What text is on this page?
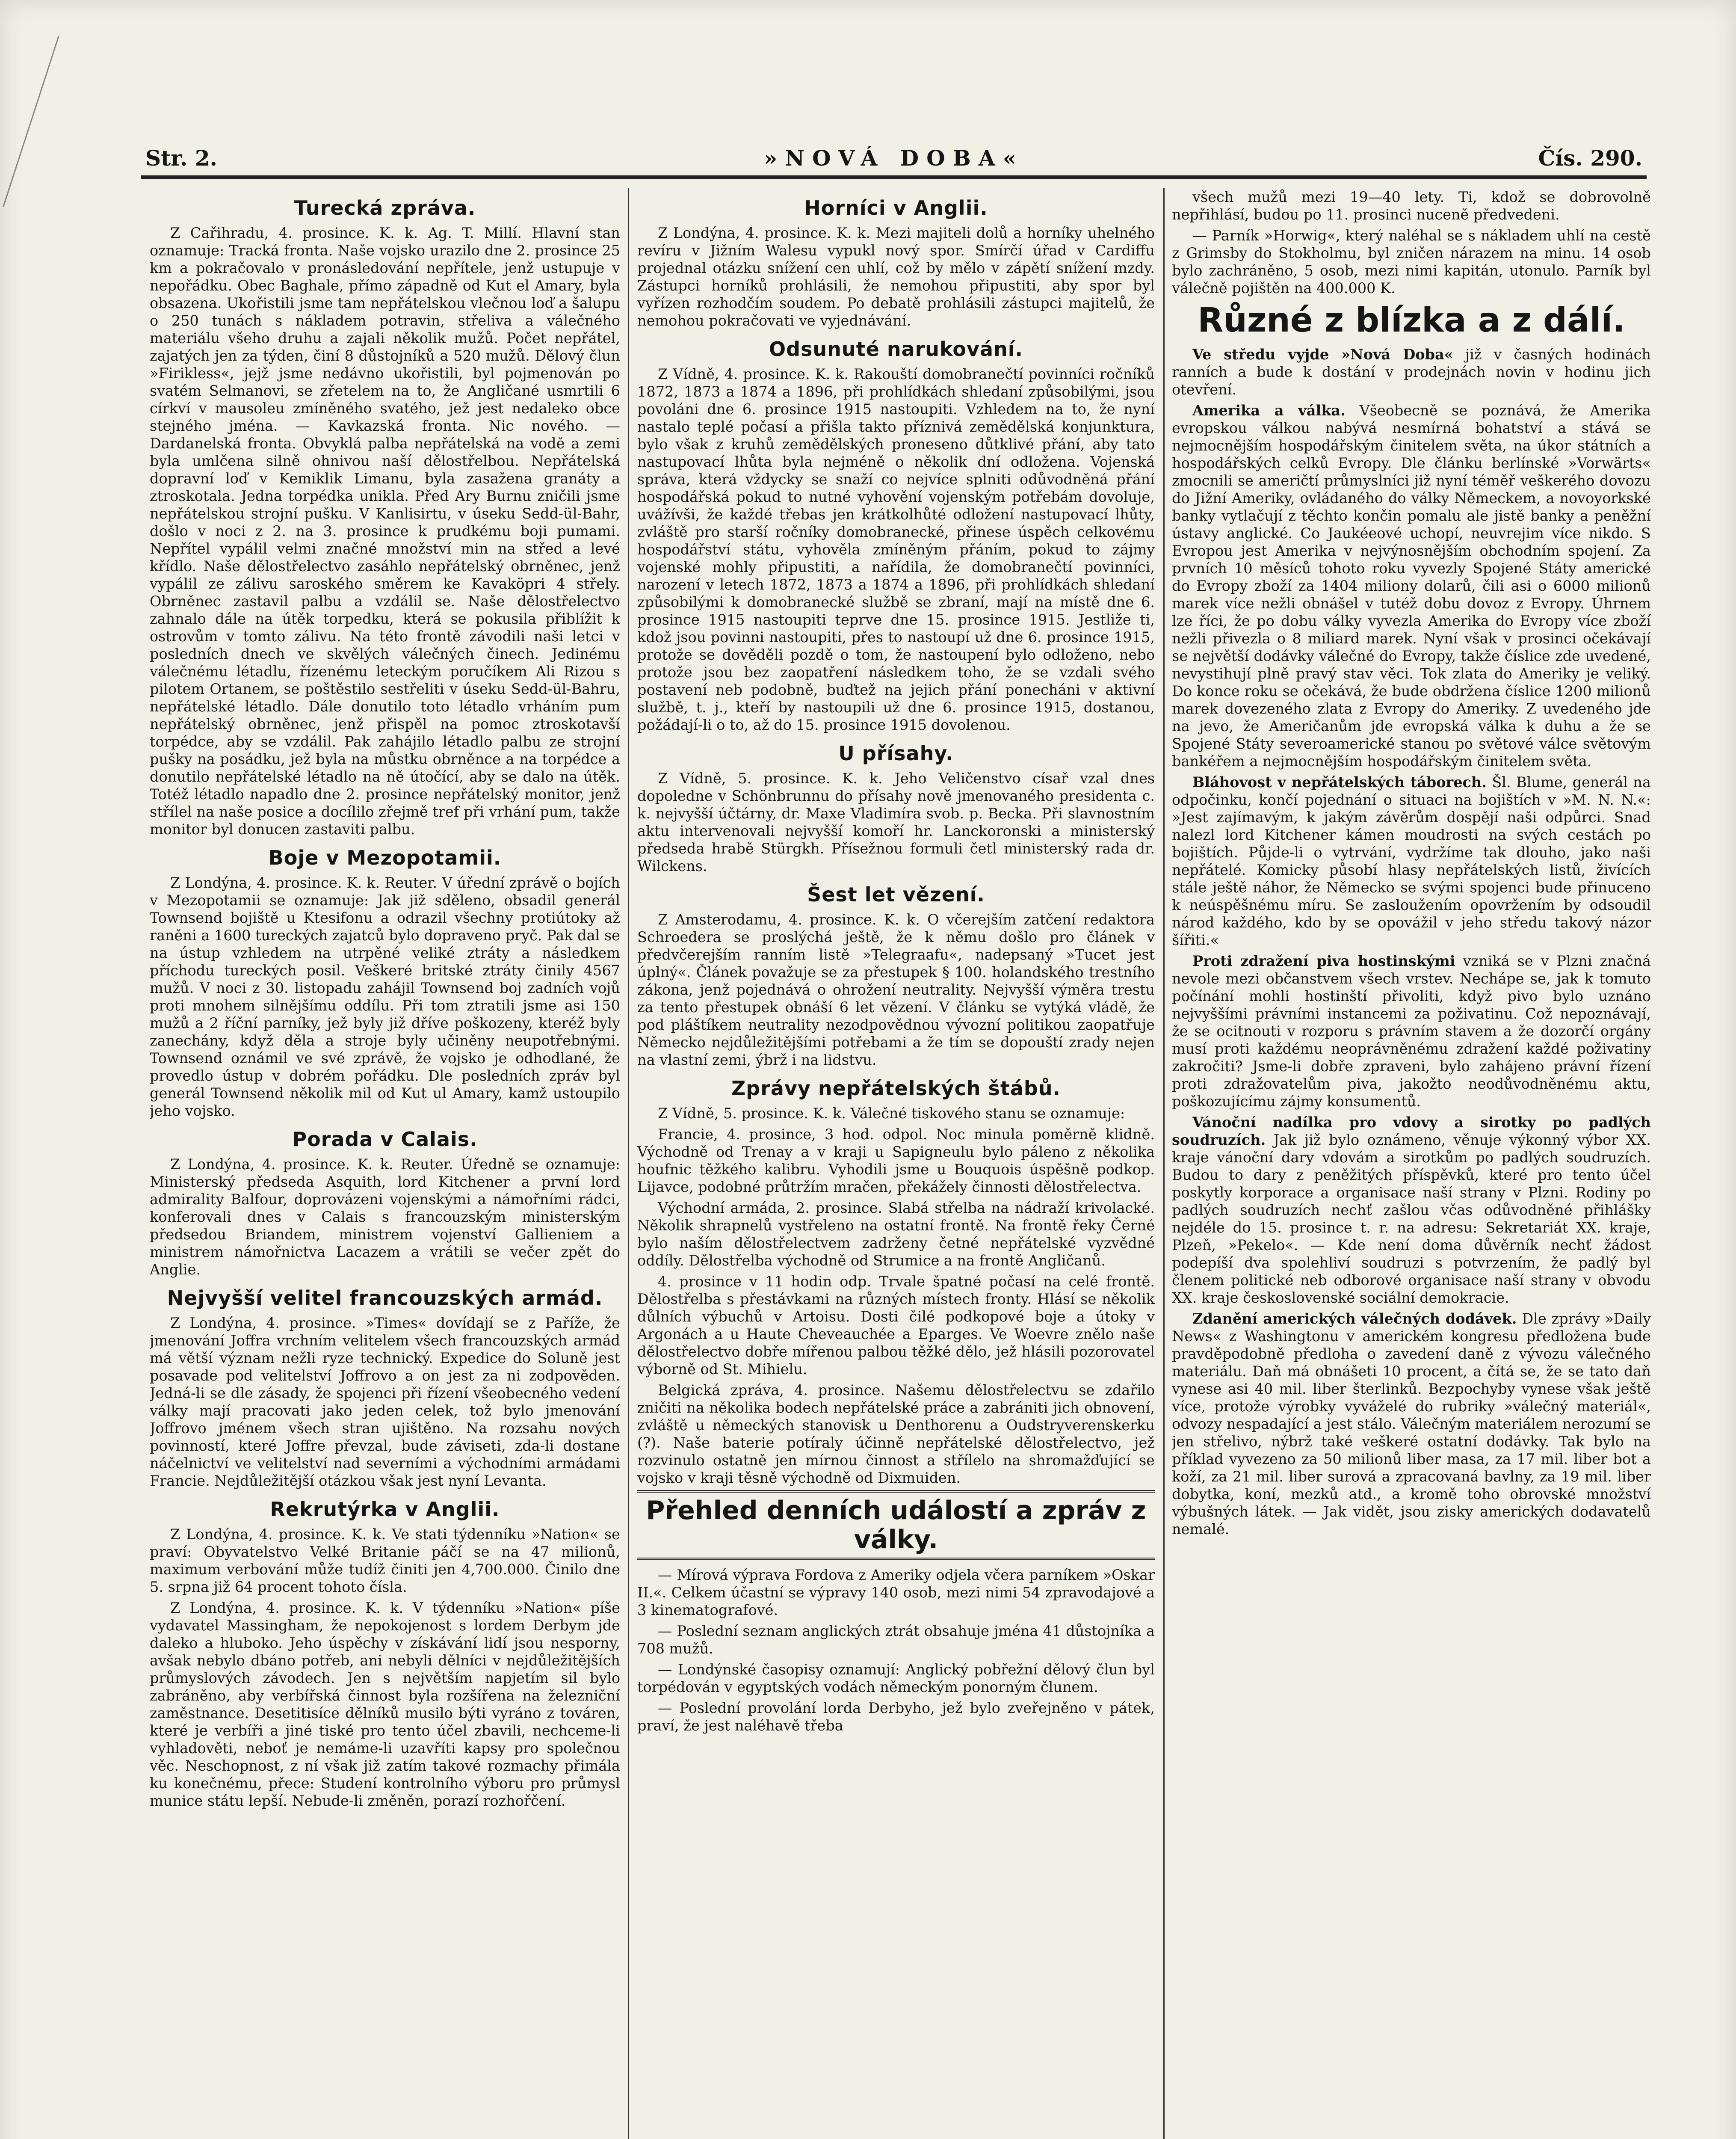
Str. 2.	»NOVÁ DOBA«	Čís. 290.
Turecká zpráva.

Z Cařihradu, 4. prosince. K. k. Ag. T. Millí. Hlavní stan oznamuje: Tracká fronta. Naše vojsko urazilo dne 2. prosince 25 km a pokračovalo v pronásledování nepřítele, jenž ustupuje v nepořádku. Obec Baghale, přímo západně od Kut el Amary, byla obsazena. Ukořistili jsme tam nepřátelskou vlečnou loď a šalupu o 250 tunách s nákladem potravin, střeliva a válečného materiálu všeho druhu a zajali několik mužů. Počet nepřátel, zajatých jen za týden, činí 8 důstojníků a 520 mužů. Dělový člun »Firikless«, jejž jsme nedávno ukořistili, byl pojmenován po svatém Selmanovi, se zřetelem na to, že Angličané usmrtili 6 církví v mausoleu zmíněného svatého, jež jest nedaleko obce stejného jména. — Kavkazská fronta. Nic nového. — Dardanelská fronta. Obvyklá palba nepřátelská na vodě a zemi byla umlčena silně ohnivou naší dělostřelbou. Nepřátelská dopravní loď v Kemiklik Limanu, byla zasažena granáty a ztroskotala. Jedna torpédka unikla. Před Ary Burnu zničili jsme nepřátelskou strojní pušku. V Kanlisirtu, v úseku Sedd-ül-Bahr, došlo v noci z 2. na 3. prosince k prudkému boji pumami. Nepřítel vypálil velmi značné množství min na střed a levé křídlo. Naše dělostřelectvo zasáhlo nepřátelský obrněnec, jenž vypálil ze zálivu saroského směrem ke Kavaköpri 4 střely. Obrněnec zastavil palbu a vzdálil se. Naše dělostřelectvo zahnalo dále na útěk torpedku, která se pokusila přiblížit k ostrovům v tomto zálivu. Na této frontě závodili naši letci v posledních dnech ve skvělých válečných činech. Jedinému válečnému létadlu, řízenému leteckým poručíkem Ali Rizou s pilotem Ortanem, se poštěstilo sestřeliti v úseku Sedd-ül-Bahru, nepřátelské létadlo. Dále donutilo toto létadlo vrháním pum nepřátelský obrněnec, jenž přispěl na pomoc ztroskotavší torpédce, aby se vzdálil. Pak zahájilo létadlo palbu ze strojní pušky na posádku, jež byla na můstku obrněnce a na torpédce a donutilo nepřátelské létadlo na ně útočící, aby se dalo na útěk. Totéž létadlo napadlo dne 2. prosince nepřátelský monitor, jenž střílel na naše posice a docílilo zřejmě tref při vrhání pum, takže monitor byl donucen zastaviti palbu.

Boje v Mezopotamii.

Z Londýna, 4. prosince. K. k. Reuter. V úřední zprávě o bojích v Mezopotamii se oznamuje: Jak již sděleno, obsadil generál Townsend bojiště u Ktesifonu a odrazil všechny protiútoky až raněni a 1600 tureckých zajatců bylo dopraveno pryč. Pak dal se na ústup vzhledem na utrpěné veliké ztráty a následkem příchodu tureckých posil. Veškeré britské ztráty činily 4567 mužů. V noci z 30. listopadu zahájil Townsend boj zadních vojů proti mnohem silnějšímu oddílu. Při tom ztratili jsme asi 150 mužů a 2 říční parníky, jež byly již dříve poškozeny, kteréž byly zanechány, když děla a stroje byly učiněny neupotřebnými. Townsend oznámil ve své zprávě, že vojsko je odhodlané, že provedlo ústup v dobrém pořádku. Dle posledních zpráv byl generál Townsend několik mil od Kut ul Amary, kamž ustoupilo jeho vojsko.

Porada v Calais.

Z Londýna, 4. prosince. K. k. Reuter. Úředně se oznamuje: Ministerský předseda Asquith, lord Kitchener a první lord admirality Balfour, doprovázeni vojenskými a námořními rádci, konferovali dnes v Calais s francouzským ministerským předsedou Briandem, ministrem vojenství Gallieniem a ministrem námořnictva Lacazem a vrátili se večer zpět do Anglie.

Nejvyšší velitel francouzských armád.

Z Londýna, 4. prosince. »Times« dovídají se z Paříže, že jmenování Joffra vrchním velitelem všech francouzských armád má větší význam nežli ryze technický. Expedice do Soluně jest posavade pod velitelství Joffrovo a on jest za ni zodpověden. Jedná-li se dle zásady, že spojenci při řízení všeobecného vedení války mají pracovati jako jeden celek, tož bylo jmenování Joffrovo jménem všech stran ujištěno. Na rozsahu nových povinností, které Joffre převzal, bude záviseti, zda-li dostane náčelnictví ve velitelství nad severními a východními armádami Francie. Nejdůležitější otázkou však jest nyní Levanta.

Rekrutýrka v Anglii.

Z Londýna, 4. prosince. K. k. Ve stati týdenníku »Nation« se praví: Obyvatelstvo Velké Britanie páčí se na 47 milionů, maximum verbování může tudíž činiti jen 4,700.000. Činilo dne 5. srpna již 64 procent tohoto čísla.

Z Londýna, 4. prosince. K. k. V týdenníku »Nation« píše vydavatel Massingham, že nepokojenost s lordem Derbym jde daleko a hluboko. Jeho úspěchy v získávání lidí jsou nesporny, avšak nebylo dbáno potřeb, ani nebyli dělníci v nejdůležitějších průmyslových závodech. Jen s největším napjetím sil bylo zabráněno, aby verbířská činnost byla rozšířena na železniční zaměstnance. Desetitisíce dělníků musilo býti vyráno z továren, které je verbíři a jiné tiské pro tento účel zbavili, nechceme-li vyhladověti, neboť je nemáme-li uzavříti kapsy pro společnou věc. Neschopnost, z ní však již zatím takové rozmachy přimála ku konečnému, přece: Studení kontrolního výboru pro průmysl munice státu lepší. Nebude-li změněn, porazí rozhořčení.

Horníci v Anglii.

Z Londýna, 4. prosince. K. k. Mezi majiteli dolů a horníky uhelného revíru v Jižním Walesu vypukl nový spor. Smírčí úřad v Cardiffu projednal otázku snížení cen uhlí, což by mělo v zápětí snížení mzdy. Zástupci horníků prohlásili, že nemohou připustiti, aby spor byl vyřízen rozhodčím soudem. Po debatě prohlásili zástupci majitelů, že nemohou pokračovati ve vyjednávání.

Odsunuté narukování.

Z Vídně, 4. prosince. K. k. Rakouští domobranečtí povinníci ročníků 1872, 1873 a 1874 a 1896, při prohlídkách shledaní způsobilými, jsou povoláni dne 6. prosince 1915 nastoupiti. Vzhledem na to, že nyní nastalo teplé počasí a přišla takto příznivá zemědělská konjunktura, bylo však z kruhů zemědělských proneseno důtklivé přání, aby tato nastupovací lhůta byla nejméně o několik dní odložena. Vojenská správa, která vždycky se snaží co nejvíce splniti odůvodněná přání hospodářská pokud to nutné vyhovění vojenským potřebám dovoluje, uvážívši, že každé třebas jen krátkolhůté odložení nastupovací lhůty, zvláště pro starší ročníky domobranecké, přinese úspěch celkovému hospodářství státu, vyhověla zmíněným přáním, pokud to zájmy vojenské mohly připustiti, a nařídila, že domobranečtí povinníci, narození v letech 1872, 1873 a 1874 a 1896, při prohlídkách shledaní způsobilými k domobranecké službě se zbraní, mají na místě dne 6. prosince 1915 nastoupiti teprve dne 15. prosince 1915. Jestliže ti, kdož jsou povinni nastoupiti, přes to nastoupí už dne 6. prosince 1915, protože se dověděli pozdě o tom, že nastoupení bylo odloženo, nebo protože jsou bez zaopatření následkem toho, že se vzdali svého postavení neb podobně, buďtež na jejich přání ponecháni v aktivní službě, t. j., kteří by nastoupili už dne 6. prosince 1915, dostanou, požádají-li o to, až do 15. prosince 1915 dovolenou.

U přísahy.

Z Vídně, 5. prosince. K. k. Jeho Veličenstvo císař vzal dnes dopoledne v Schönbrunnu do přísahy nově jmenovaného presidenta c. k. nejvyšší účtárny, dr. Maxe Vladimíra svob. p. Becka. Při slavnostním aktu intervenovali nejvyšší komoří hr. Lanckoronski a ministerský předseda hrabě Stürgkh. Přísežnou formuli četl ministerský rada dr. Wilckens.

Šest let vězení.

Z Amsterodamu, 4. prosince. K. k. O včerejším zatčení redaktora Schroedera se proslýchá ještě, že k němu došlo pro článek v předvčerejším ranním listě »Telegraafu«, nadepsaný »Tucet jest úplný«. Článek považuje se za přestupek § 100. holandského trestního zákona, jenž pojednává o ohrožení neutrality. Nejvyšší výměra trestu za tento přestupek obnáší 6 let vězení. V článku se vytýká vládě, že pod pláštíkem neutrality nezodpovědnou vývozní politikou zaopatřuje Německo nejdůležitějšími potřebami a že tím se dopouští zrady nejen na vlastní zemi, ýbrž i na lidstvu.

Zprávy nepřátelských štábů.

Z Vídně, 5. prosince. K. k. Válečné tiskového stanu se oznamuje:

Francie, 4. prosince, 3 hod. odpol. Noc minula poměrně klidně. Východně od Trenay a v kraji u Sapigneulu bylo páleno z několika houfnic těžkého kalibru. Vyhodili jsme u Bouquois úspěšně podkop. Lijavce, podobné průtržím mračen, překážely činnosti dělostřelectva.

Východní armáda, 2. prosince. Slabá střelba na nádraží krivolacké. Několik shrapnelů vystřeleno na ostatní frontě. Na frontě řeky Černé bylo naším dělostřelectvem zadrženy četné nepřátelské vyzvědné oddíly. Dělostřelba východně od Strumice a na frontě Angličanů.

4. prosince v 11 hodin odp. Trvale špatné počasí na celé frontě. Dělostřelba s přestávkami na různých místech fronty. Hlásí se několik důlních výbuchů v Artoisu. Dosti čilé podkopové boje a útoky v Argonách a u Haute Cheveauchée a Eparges. Ve Woevre znělo naše dělostřelectvo dobře mířenou palbou těžké dělo, jež hlásili pozorovatel výborně od St. Mihielu.

Belgická zpráva, 4. prosince. Našemu dělostřelectvu se zdařilo zničiti na několika bodech nepřátelské práce a zabrániti jich obnovení, zvláště u německých stanovisk u Denthorenu a Oudstryverenskerku (?). Naše baterie potíraly účinně nepřátelské dělostřelectvo, jež rozvinulo ostatně jen mírnou činnost a střílelo na shromažďující se vojsko v kraji těsně východně od Dixmuiden.

Přehled denních událostí a zpráv z války.

— Mírová výprava Fordova z Ameriky odjela včera parníkem »Oskar II.«. Celkem účastní se výpravy 140 osob, mezi nimi 54 zpravodajové a 3 kinematografové.

— Poslední seznam anglických ztrát obsahuje jména 41 důstojníka a 708 mužů.

— Londýnské časopisy oznamují: Anglický pobřežní dělový člun byl torpédován v egyptských vodách německým ponorným člunem.

— Poslední provolání lorda Derbyho, jež bylo zveřejněno v pátek, praví, že jest naléhavě třeba

všech mužů mezi 19—40 lety. Ti, kdož se dobrovolně nepřihlásí, budou po 11. prosinci nuceně předvedeni.

— Parník »Horwig«, který naléhal se s nákladem uhlí na cestě z Grimsby do Stokholmu, byl zničen nárazem na minu. 14 osob bylo zachráněno, 5 osob, mezi nimi kapitán, utonulo. Parník byl válečně pojištěn na 400.000 K.

Různé z blízka a z dálí.

Ve středu vyjde »Nová Doba« již v časných hodinách ranních a bude k dostání v prodejnách novin v hodinu jich otevření.

Amerika a válka. Všeobecně se poznává, že Amerika evropskou válkou nabývá nesmírná bohatství a stává se nejmocnějším hospodářským činitelem světa, na úkor státních a hospodářských celků Evropy. Dle článku berlínské »Vorwärts« zmocnili se američtí průmyslníci již nyní téměř veškerého dovozu do Jižní Ameriky, ovládaného do války Německem, a novoyorkské banky vytlačují z těchto končin pomalu ale jistě banky a peněžní ústavy anglické. Co Jaukéeové uchopí, neuvrejim více nikdo. S Evropou jest Amerika v nejvýnosnějším obchodním spojení. Za prvních 10 měsíců tohoto roku vyvezly Spojené Státy americké do Evropy zboží za 1404 miliony dolarů, čili asi o 6000 milionů marek více nežli obnášel v tutéž dobu dovoz z Evropy. Úhrnem lze říci, že po dobu války vyvezla Amerika do Evropy více zboží nežli přivezla o 8 miliard marek. Nyní však v prosinci očekávají se největší dodávky válečné do Evropy, takže číslice zde uvedené, nevystihují plně pravý stav věci. Tok zlata do Ameriky je veliký. Do konce roku se očekává, že bude obdržena číslice 1200 milionů marek dovezeného zlata z Evropy do Ameriky. Z uvedeného jde na jevo, že Američanům jde evropská válka k duhu a že se Spojené Státy severoamerické stanou po světové válce světovým bankéřem a nejmocnějším hospodářským činitelem světa.

Bláhovost v nepřátelských táborech. Šl. Blume, generál na odpočinku, končí pojednání o situaci na bojištích v »M. N. N.«: »Jest zajímavým, k jakým závěrům dospějí naši odpůrci. Snad nalezl lord Kitchener kámen moudrosti na svých cestách po bojištích. Půjde-li o vytrvání, vydržíme tak dlouho, jako naši nepřátelé. Komicky působí hlasy nepřátelských listů, živících stále ještě náhor, že Německo se svými spojenci bude přinuceno k neúspěšnému míru. Se zasloužením opovržením by odsoudil národ každého, kdo by se opovážil v jeho středu takový názor šířiti.«

Proti zdražení piva hostinskými vzniká se v Plzni značná nevole mezi občanstvem všech vrstev. Nechápe se, jak k tomuto počínání mohli hostinští přivoliti, když pivo bylo uznáno nejvyššími právními instancemi za poživatinu. Což nepoznávají, že se ocitnouti v rozporu s právním stavem a že dozorčí orgány musí proti každému neoprávněnému zdražení každé poživatiny zakročiti? Jsme-li dobře zpraveni, bylo zahájeno právní řízení proti zdražovatelům piva, jakožto neodůvodněnému aktu, poškozujícímu zájmy konsumentů.

Vánoční nadílka pro vdovy a sirotky po padlých soudruzích. Jak již bylo oznámeno, věnuje výkonný výbor XX. kraje vánoční dary vdovám a sirotkům po padlých soudruzích. Budou to dary z peněžitých příspěvků, které pro tento účel poskytly korporace a organisace naší strany v Plzni. Rodiny po padlých soudruzích nechť zašlou včas odůvodněné přihlášky nejdéle do 15. prosince t. r. na adresu: Sekretariát XX. kraje, Plzeň, »Pekelo«. — Kde není doma důvěrník nechť žádost podepíší dva spolehliví soudruzi s potvrzením, že padlý byl členem politické neb odborové organisace naší strany v obvodu XX. kraje československé sociální demokracie.

Zdanění amerických válečných dodávek. Dle zprávy »Daily News« z Washingtonu v americkém kongresu předložena bude pravděpodobně předloha o zavedení daně z vývozu válečného materiálu. Daň má obnášeti 10 procent, a čítá se, že se tato daň vynese asi 40 mil. liber šterlinků. Bezpochyby vynese však ještě více, protože výrobky vyváželé do rubriky »válečný materiál«, odvozy nespadající a jest stálo. Válečným materiálem nerozumí se jen střelivo, nýbrž také veškeré ostatní dodávky. Tak bylo na příklad vyvezeno za 50 milionů liber masa, za 17 mil. liber bot a koží, za 21 mil. liber surová a zpracovaná bavlny, za 19 mil. liber dobytka, koní, mezků atd., a kromě toho obrovské množství výbušných látek. — Jak vidět, jsou zisky amerických dodavatelů nemalé.
